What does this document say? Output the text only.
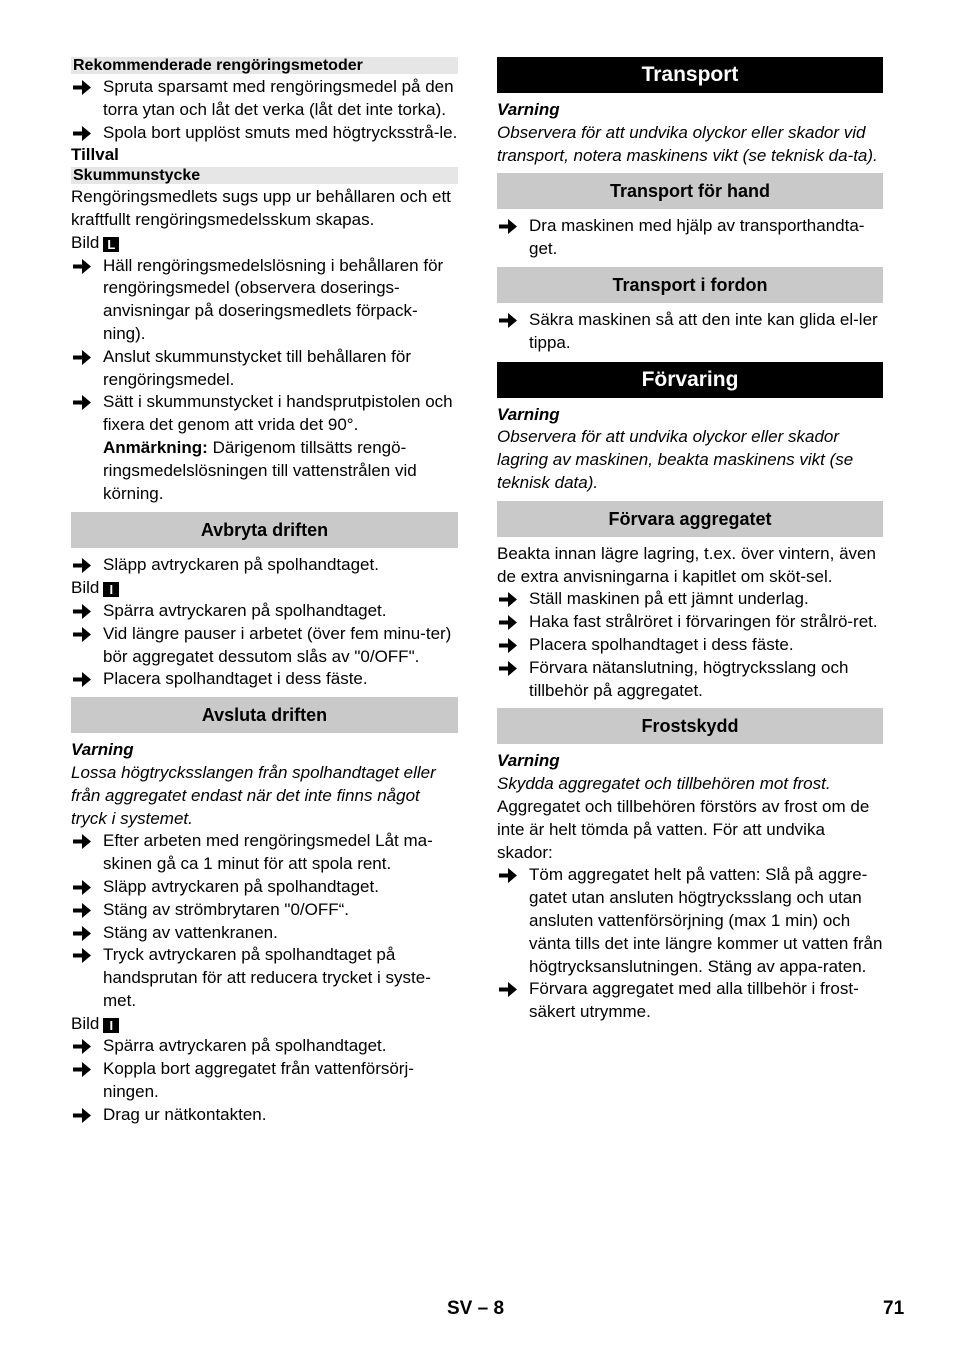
Rekommenderade rengöringsmetoder

Spruta sparsamt med rengöringsmedel på den torra ytan och låt det verka (låt det inte torka).
Spola bort upplöst smuts med högtrycksstrå-le.

Tillval

Skummunstycke

Rengöringsmedlets sugs upp ur behållaren och ett kraftfullt rengöringsmedelsskum skapas.

Bild L

Häll rengöringsmedelslösning i behållaren för rengöringsmedel (observera doserings-anvisningar på doseringsmedlets förpack-ning).
Anslut skummunstycket till behållaren för rengöringsmedel.
Sätt i skummunstycket i handsprutpistolen och fixera det genom att vrida det 90°.
Anmärkning: Därigenom tillsätts rengö-ringsmedelslösningen till vattenstrålen vid körning.
Avbryta driften
Släpp avtryckaren på spolhandtaget.

Bild I

Spärra avtryckaren på spolhandtaget.
Vid längre pauser i arbetet (över fem minu-ter) bör aggregatet dessutom slås av "0/OFF".
Placera spolhandtaget i dess fäste.
Avsluta driften

Varning

Lossa högtrycksslangen från spolhandtaget eller från aggregatet endast när det inte finns något tryck i systemet.

Efter arbeten med rengöringsmedel Låt ma-skinen gå ca 1 minut för att spola rent.
Släpp avtryckaren på spolhandtaget.
Stäng av strömbrytaren "0/OFF“.
Stäng av vattenkranen.
Tryck avtryckaren på spolhandtaget på handsprutan för att reducera trycket i syste-met.

Bild I

Spärra avtryckaren på spolhandtaget.
Koppla bort aggregatet från vattenförsörj-ningen.
Drag ur nätkontakten.
Transport

Varning

Observera för att undvika olyckor eller skador vid transport, notera maskinens vikt (se teknisk da-ta).

Transport för hand
Dra maskinen med hjälp av transporthandta-get.
Transport i fordon
Säkra maskinen så att den inte kan glida el-ler tippa.
Förvaring

Varning

Observera för att undvika olyckor eller skador lagring av maskinen, beakta maskinens vikt (se teknisk data).

Förvara aggregatet

Beakta innan lägre lagring, t.ex. över vintern, även de extra anvisningarna i kapitlet om sköt-sel.

Ställ maskinen på ett jämnt underlag.
Haka fast strålröret i förvaringen för strålrö-ret.
Placera spolhandtaget i dess fäste.
Förvara nätanslutning, högtrycksslang och tillbehör på aggregatet.
Frostskydd

Varning

Skydda aggregatet och tillbehören mot frost.

Aggregatet och tillbehören förstörs av frost om de inte är helt tömda på vatten. För att undvika skador:

Töm aggregatet helt på vatten: Slå på aggre-gatet utan ansluten högtrycksslang och utan ansluten vattenförsörjning (max 1 min) och vänta tills det inte längre kommer ut vatten från högtrycksanslutningen. Stäng av appa-raten.
Förvara aggregatet med alla tillbehör i frost-säkert utrymme.
SV – 8	71
